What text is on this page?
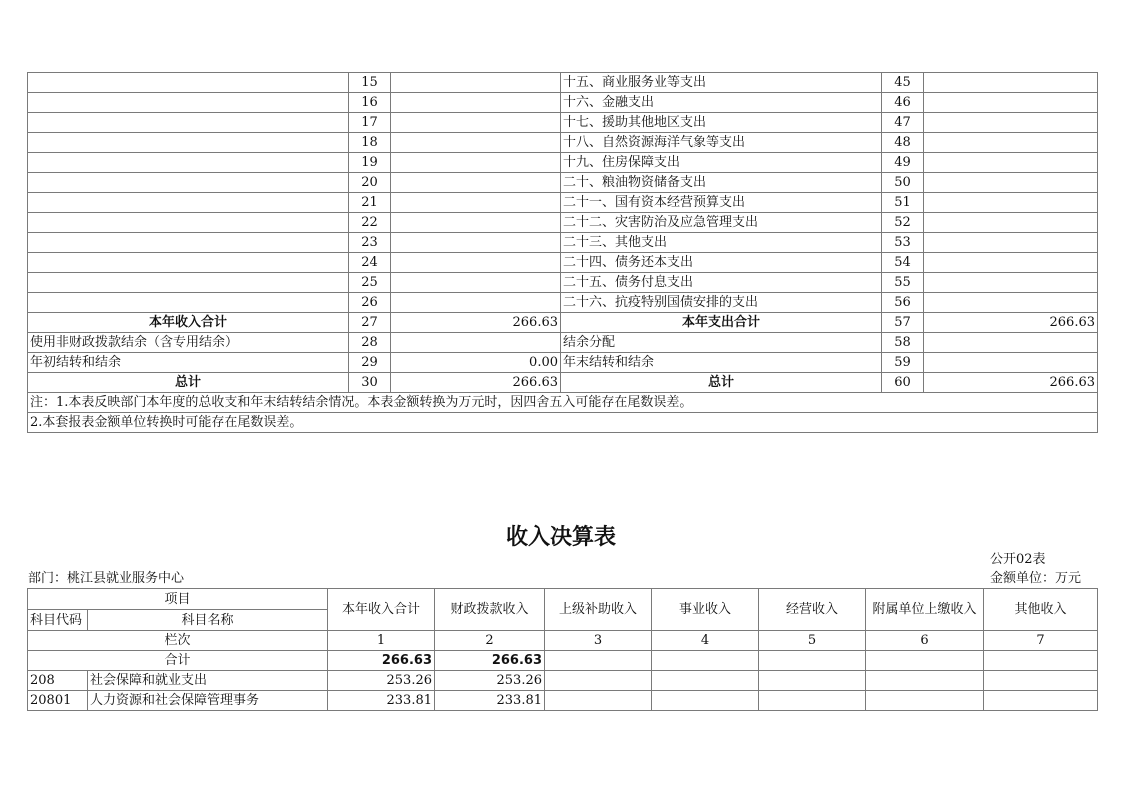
	15		十五、商业服务业等支出	45	
	16		十六、金融支出	46	
	17		十七、援助其他地区支出	47	
	18		十八、自然资源海洋气象等支出	48	
	19		十九、住房保障支出	49	
	20		二十、粮油物资储备支出	50	
	21		二十一、国有资本经营预算支出	51	
	22		二十二、灾害防治及应急管理支出	52	
	23		二十三、其他支出	53	
	24		二十四、债务还本支出	54	
	25		二十五、债务付息支出	55	
	26		二十六、抗疫特别国债安排的支出	56	
本年收入合计	27	266.63	本年支出合计	57	266.63
使用非财政拨款结余（含专用结余）	28		结余分配	58	
年初结转和结余	29	0.00	年末结转和结余	59	
总计	30	266.63	总计	60	266.63
注：1.本表反映部门本年度的总收支和年末结转结余情况。本表金额转换为万元时，因四舍五入可能存在尾数误差。					
2.本套报表金额单位转换时可能存在尾数误差。					
收入决算表
公开02表
部门：桃江县就业服务中心	金额单位：万元
项目		本年收入合计	财政拨款收入	上级补助收入	事业收入	经营收入	附属单位上缴收入	其他收入
科目代码	科目名称							
栏次		1	2	3	4	5	6	7
合计		266.63	266.63					
208	社会保障和就业支出	253.26	253.26					
20801	人力资源和社会保障管理事务	233.81	233.81					
